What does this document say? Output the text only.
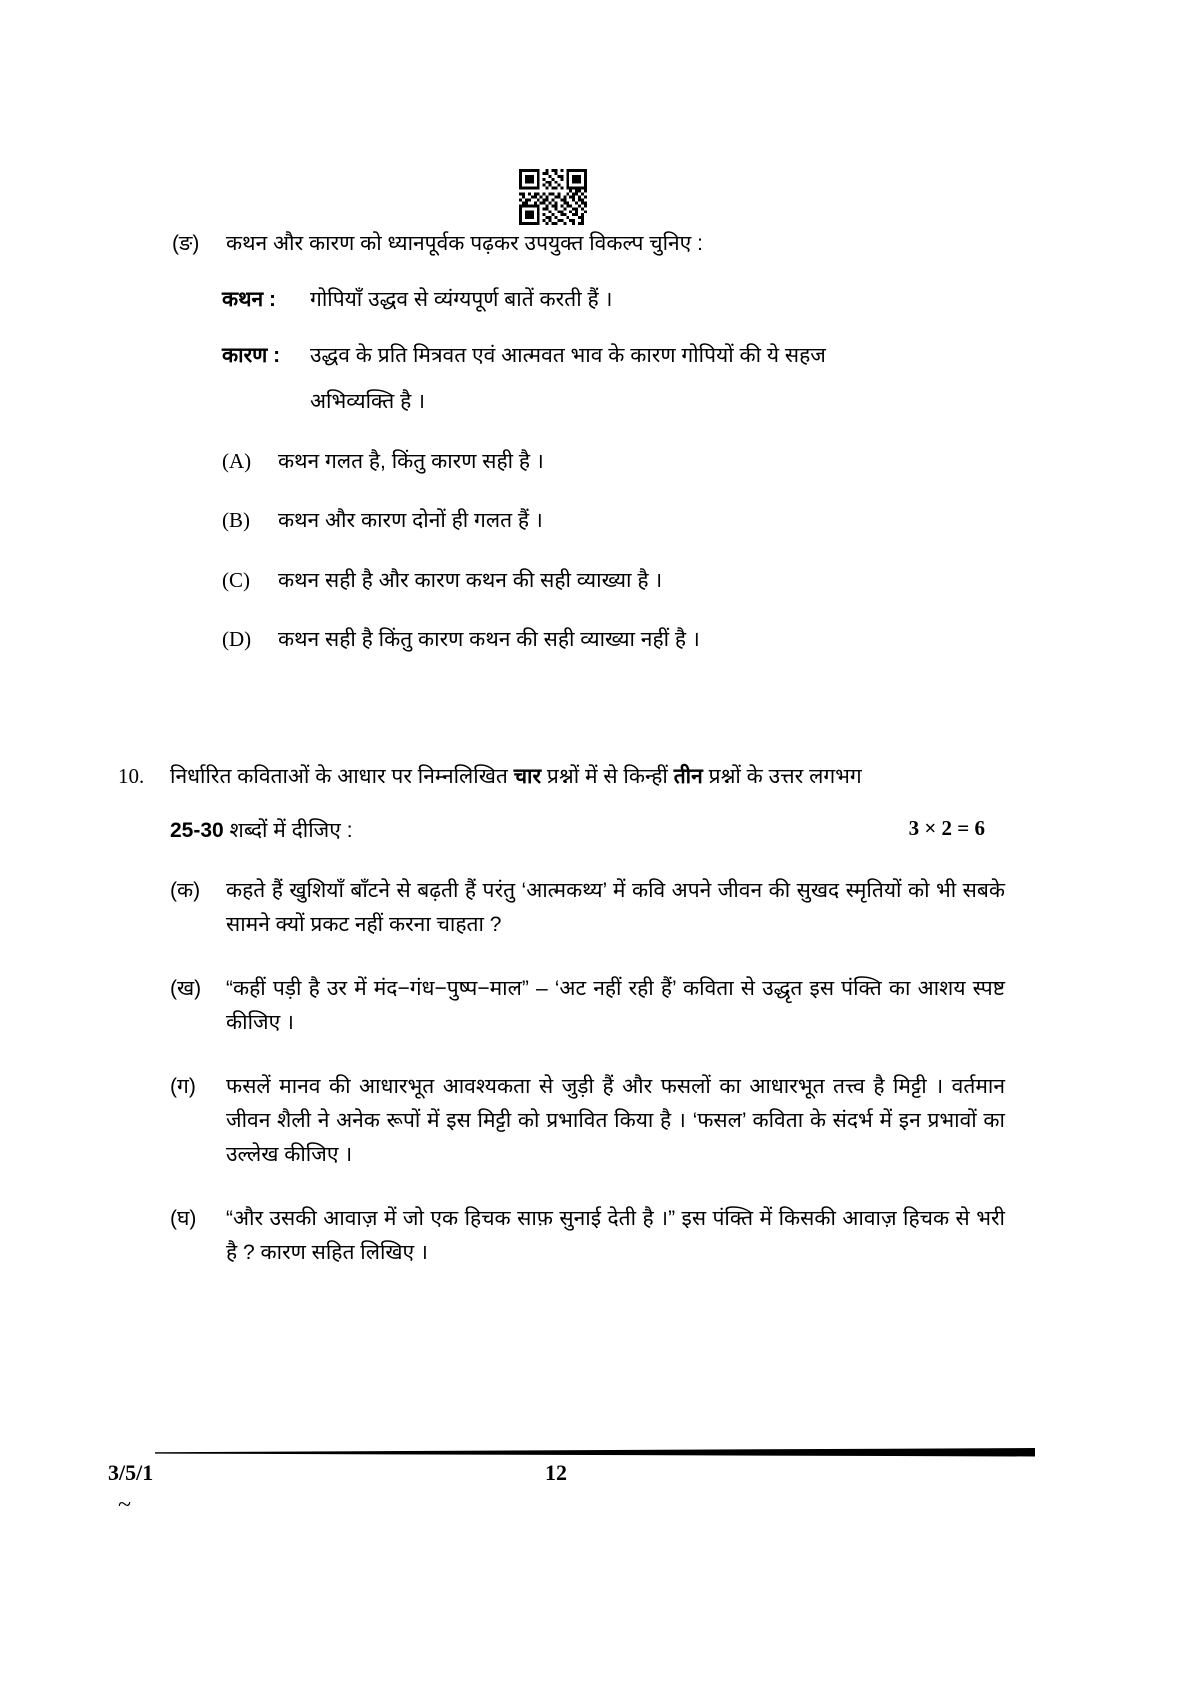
(ङ)	कथन और कारण को ध्यानपूर्वक पढ़कर उपयुक्त विकल्प चुनिए :
कथन :	गोपियाँ उद्धव से व्यंग्यपूर्ण बातें करती हैं ।
कारण :	उद्धव के प्रति मित्रवत एवं आत्मवत भाव के कारण गोपियों की ये सहज
अभिव्यक्ति है ।
(A)	कथन गलत है, किंतु कारण सही है ।
(B)	कथन और कारण दोनों ही गलत हैं ।
(C)	कथन सही है और कारण कथन की सही व्याख्या है ।
(D)	कथन सही है किंतु कारण कथन की सही व्याख्या नहीं है ।
10.	निर्धारित कविताओं के आधार पर निम्नलिखित चार प्रश्नों में से किन्हीं तीन प्रश्नों के उत्तर लगभग
25-30 शब्दों में दीजिए :	3 × 2 = 6
(क)	कहते हैं खुशियाँ बाँटने से बढ़ती हैं परंतु ‘आत्मकथ्य’ में कवि अपने जीवन की सुखद स्मृतियों को भी सबके सामने क्यों प्रकट नहीं करना चाहता ?
(ख)	“कहीं पड़ी है उर में मंद−गंध−पुष्प−माल” – ‘अट नहीं रही हैं’ कविता से उद्धृत इस पंक्ति का आशय स्पष्ट कीजिए ।
(ग)	फसलें मानव की आधारभूत आवश्यकता से जुड़ी हैं और फसलों का आधारभूत तत्त्व है मिट्टी । वर्तमान जीवन शैली ने अनेक रूपों में इस मिट्टी को प्रभावित किया है । ‘फसल’ कविता के संदर्भ में इन प्रभावों का उल्लेख कीजिए ।
(घ)	“और उसकी आवाज़ में जो एक हिचक साफ़ सुनाई देती है ।” इस पंक्ति में किसकी आवाज़ हिचक से भरी है ? कारण सहित लिखिए ।
3/5/1	12
~
